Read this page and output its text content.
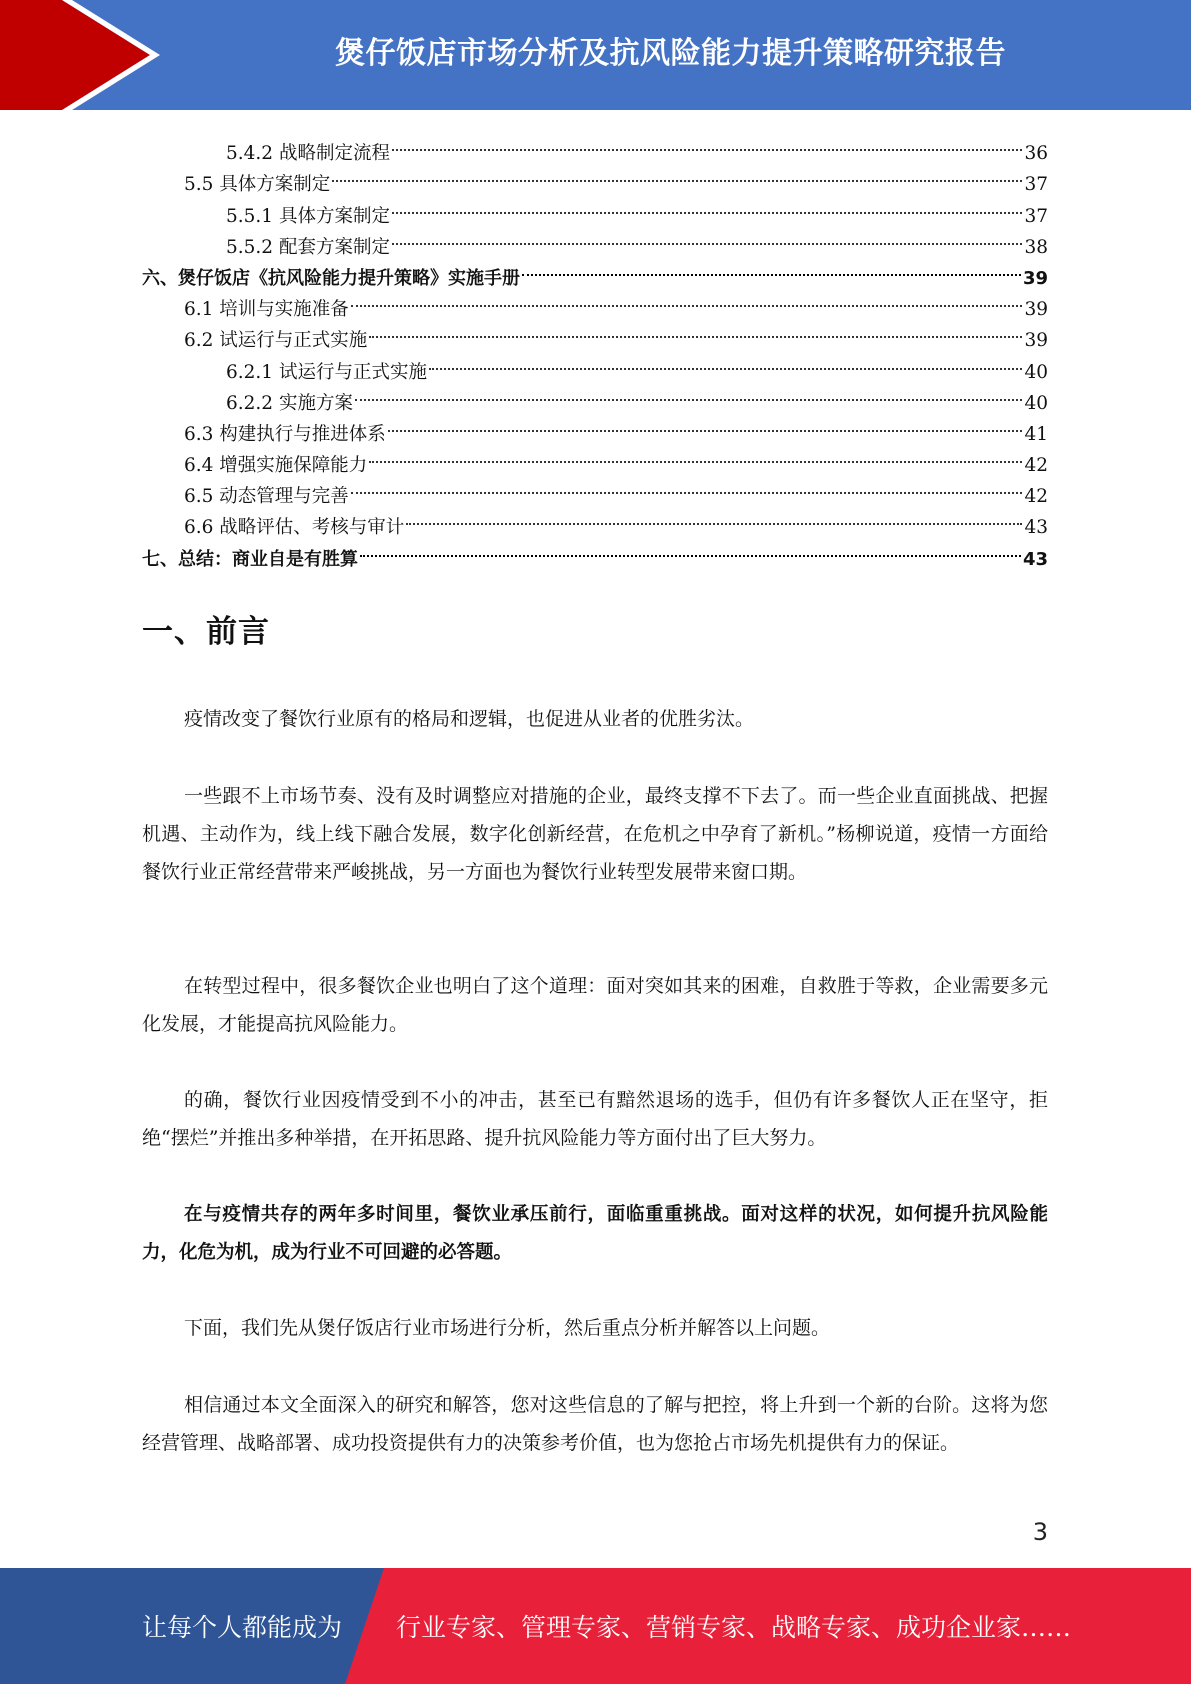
煲仔饭店市场分析及抗风险能力提升策略研究报告
5.4.2 战略制定流程	36
5.5 具体方案制定	37
5.5.1 具体方案制定	37
5.5.2 配套方案制定	38
六、煲仔饭店《抗风险能力提升策略》实施手册	39
6.1 培训与实施准备	39
6.2 试运行与正式实施	39
6.2.1 试运行与正式实施	40
6.2.2 实施方案	40
6.3 构建执行与推进体系	41
6.4 增强实施保障能力	42
6.5 动态管理与完善	42
6.6 战略评估、考核与审计	43
七、总结：商业自是有胜算	43
一、前言
疫情改变了餐饮行业原有的格局和逻辑，也促进从业者的优胜劣汰。
一些跟不上市场节奏、没有及时调整应对措施的企业，最终支撑不下去了。而一些企业直面挑战、把握机遇、主动作为，线上线下融合发展，数字化创新经营，在危机之中孕育了新机。”杨柳说道，疫情一方面给餐饮行业正常经营带来严峻挑战，另一方面也为餐饮行业转型发展带来窗口期。
在转型过程中，很多餐饮企业也明白了这个道理：面对突如其来的困难，自救胜于等救，企业需要多元化发展，才能提高抗风险能力。
的确，餐饮行业因疫情受到不小的冲击，甚至已有黯然退场的选手，但仍有许多餐饮人正在坚守，拒绝“摆烂”并推出多种举措，在开拓思路、提升抗风险能力等方面付出了巨大努力。
在与疫情共存的两年多时间里，餐饮业承压前行，面临重重挑战。面对这样的状况，如何提升抗风险能力，化危为机，成为行业不可回避的必答题。
下面，我们先从煲仔饭店行业市场进行分析，然后重点分析并解答以上问题。
相信通过本文全面深入的研究和解答，您对这些信息的了解与把控，将上升到一个新的台阶。这将为您经营管理、战略部署、成功投资提供有力的决策参考价值，也为您抢占市场先机提供有力的保证。
3
让每个人都能成为 行业专家、管理专家、营销专家、战略专家、成功企业家……
